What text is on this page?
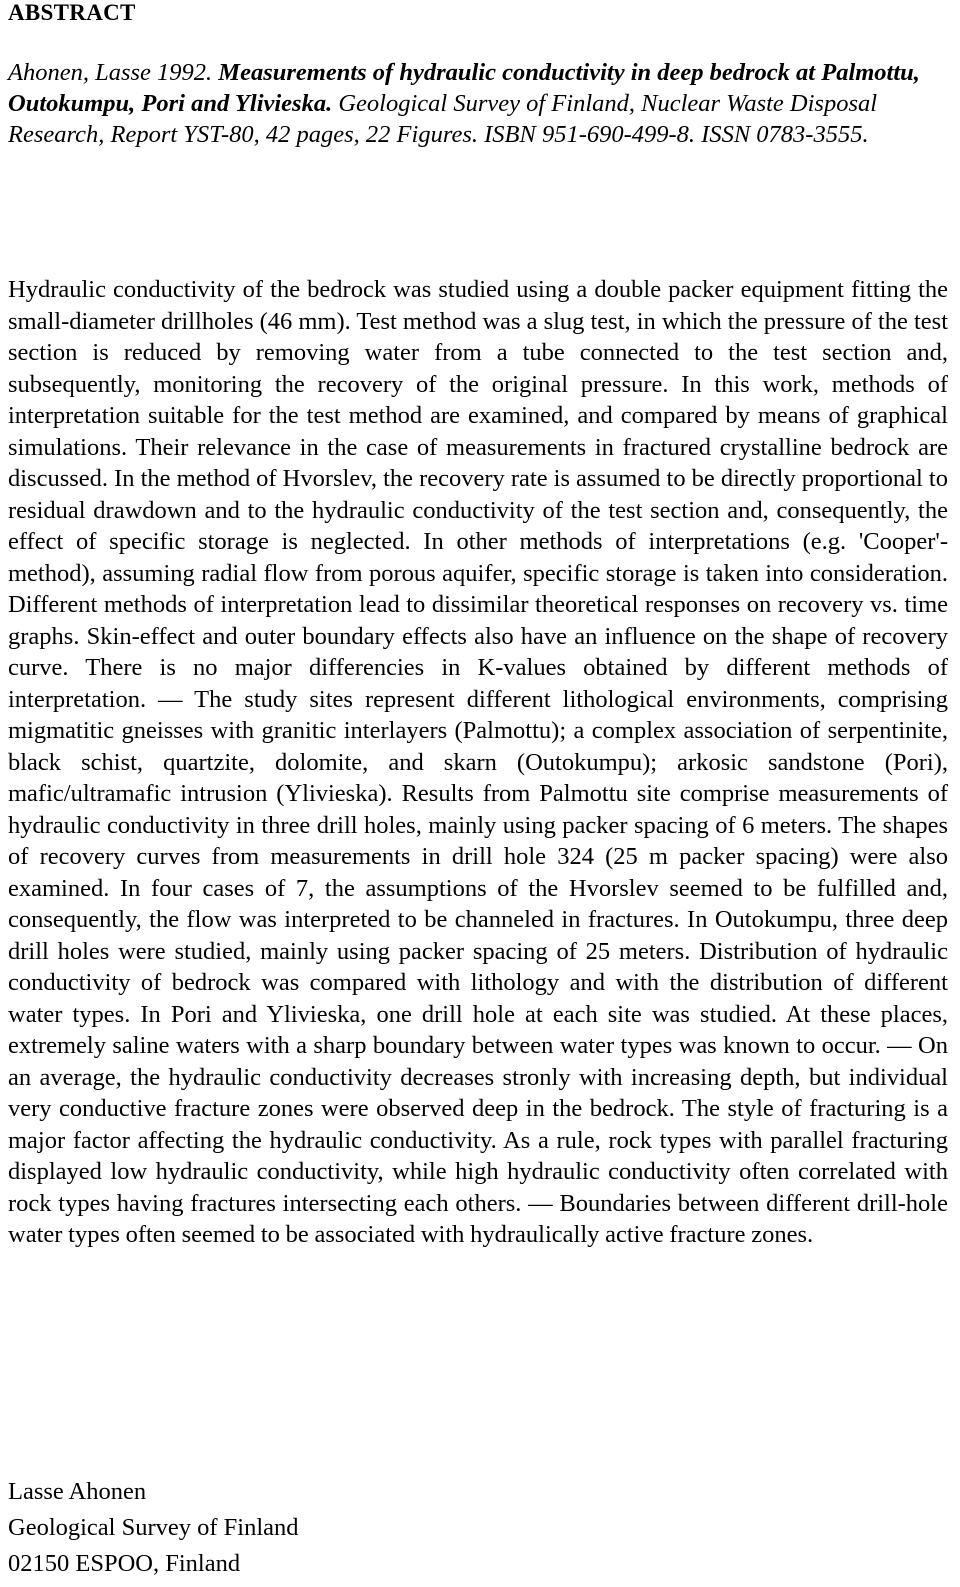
ABSTRACT

Ahonen, Lasse 1992. Measurements of hydraulic conductivity in deep bedrock at Palmottu, Outokumpu, Pori and Ylivieska. Geological Survey of Finland, Nuclear Waste Disposal Research, Report YST-80, 42 pages, 22 Figures. ISBN 951-690-499-8. ISSN 0783-3555.

Hydraulic conductivity of the bedrock was studied using a double packer equipment fitting the small-diameter drillholes (46 mm). Test method was a slug test, in which the pressure of the test section is reduced by removing water from a tube connected to the test section and, subsequently, monitoring the recovery of the original pressure. In this work, methods of interpretation suitable for the test method are examined, and compared by means of graphical simulations. Their relevance in the case of measurements in fractured crystalline bedrock are discussed. In the method of Hvorslev, the recovery rate is assumed to be directly proportional to residual drawdown and to the hydraulic conductivity of the test section and, consequently, the effect of specific storage is neglected. In other methods of interpretations (e.g. 'Cooper'-method), assuming radial flow from porous aquifer, specific storage is taken into consideration. Different methods of interpretation lead to dissimilar theoretical responses on recovery vs. time graphs. Skin-effect and outer boundary effects also have an influence on the shape of recovery curve. There is no major differencies in K-values obtained by different methods of interpretation. — The study sites represent different lithological environments, comprising migmatitic gneisses with granitic interlayers (Palmottu); a complex association of serpentinite, black schist, quartzite, dolomite, and skarn (Outokumpu); arkosic sandstone (Pori), mafic/ultramafic intrusion (Ylivieska). Results from Palmottu site comprise measurements of hydraulic conductivity in three drill holes, mainly using packer spacing of 6 meters. The shapes of recovery curves from measurements in drill hole 324 (25 m packer spacing) were also examined. In four cases of 7, the assumptions of the Hvorslev seemed to be fulfilled and, consequently, the flow was interpreted to be channeled in fractures. In Outokumpu, three deep drill holes were studied, mainly using packer spacing of 25 meters. Distribution of hydraulic conductivity of bedrock was compared with lithology and with the distribution of different water types. In Pori and Ylivieska, one drill hole at each site was studied. At these places, extremely saline waters with a sharp boundary between water types was known to occur. — On an average, the hydraulic conductivity decreases stronly with increasing depth, but individual very conductive fracture zones were observed deep in the bedrock. The style of fracturing is a major factor affecting the hydraulic conductivity. As a rule, rock types with parallel fracturing displayed low hydraulic conductivity, while high hydraulic conductivity often correlated with rock types having fractures intersecting each others. — Boundaries between different drill-hole water types often seemed to be associated with hydraulically active fracture zones.

Lasse Ahonen
Geological Survey of Finland
02150 ESPOO, Finland
